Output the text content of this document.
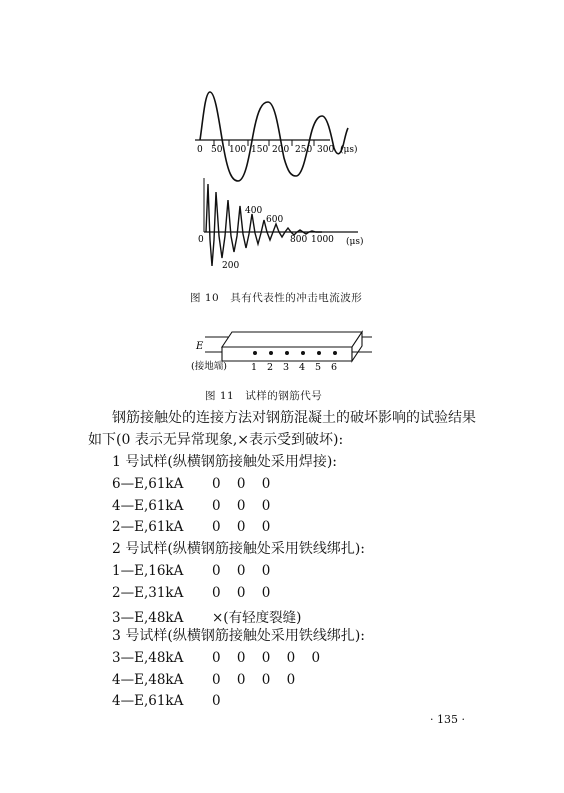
0 50 100 150 200 250 300 (μs)
0
400
600
800 1000 (μs)
200
图 10　具有代表性的冲击电流波形
E
(接地端)	1 2 3 4 5 6
图 11　试样的钢筋代号
钢筋接触处的连接方法对钢筋混凝土的破坏影响的试验结果
如下(0 表示无异常现象,×表示受到破坏):
1 号试样(纵横钢筋接触处采用焊接):
6—E,61kA 0 0 0
4—E,61kA 0 0 0
2—E,61kA 0 0 0
2 号试样(纵横钢筋接触处采用铁线绑扎):
1—E,16kA 0 0 0
2—E,31kA 0 0 0
3—E,48kA ×(有轻度裂缝)
3 号试样(纵横钢筋接触处采用铁线绑扎):
3—E,48kA 0 0 0 0 0
4—E,48kA 0 0 0 0
4—E,61kA 0
· 135 ·
